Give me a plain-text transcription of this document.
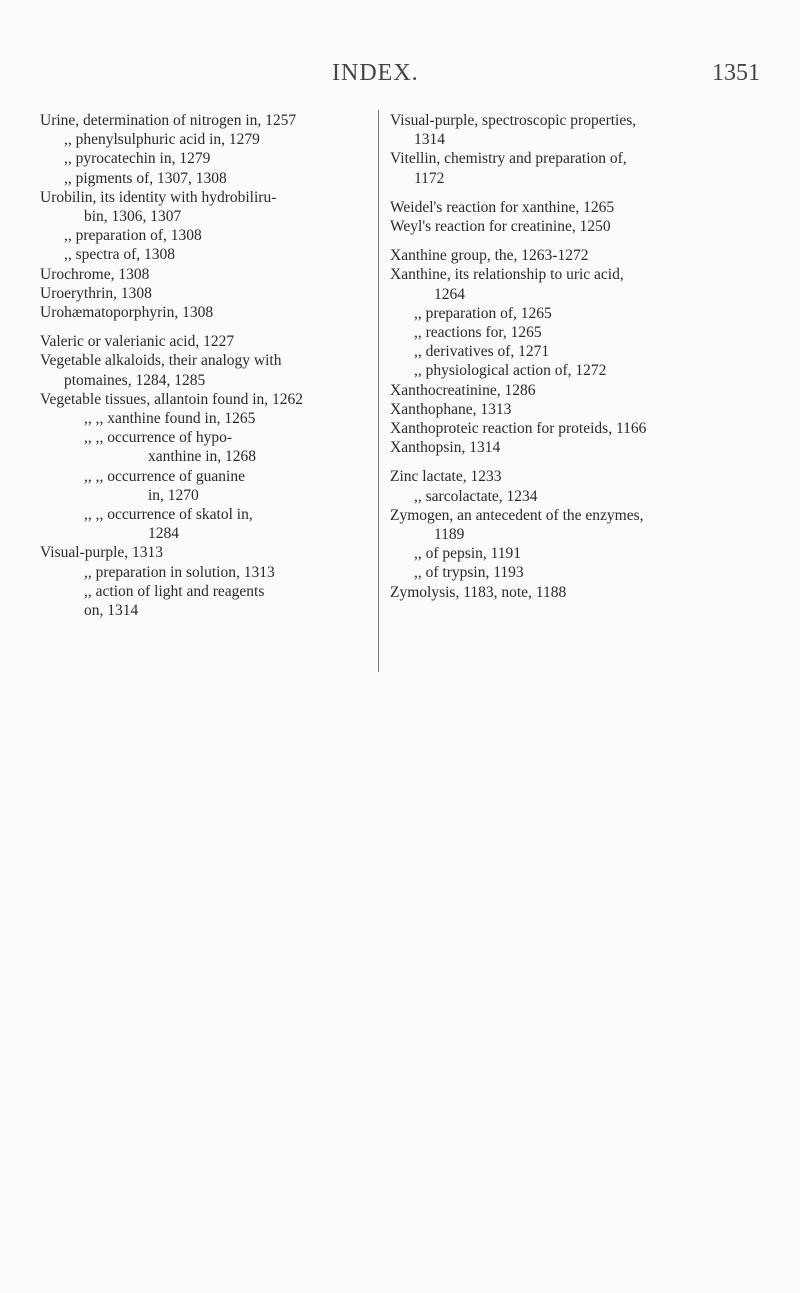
INDEX.	1351
Urine, determination of nitrogen in, 1257
,, phenylsulphuric acid in, 1279
,, pyrocatechin in, 1279
,, pigments of, 1307, 1308
Urobilin, its identity with hydrobiliru-
bin, 1306, 1307
,, preparation of, 1308
,, spectra of, 1308
Urochrome, 1308
Uroerythrin, 1308
Urohæmatoporphyrin, 1308
Valeric or valerianic acid, 1227
Vegetable alkaloids, their analogy with
ptomaines, 1284, 1285
Vegetable tissues, allantoin found in, 1262
,, ,, xanthine found in, 1265
,, ,, occurrence of hypo-
xanthine in, 1268
,, ,, occurrence of guanine
in, 1270
,, ,, occurrence of skatol in,
1284
Visual-purple, 1313
,, preparation in solution, 1313
,, action of light and reagents
on, 1314
Visual-purple, spectroscopic properties,
1314
Vitellin, chemistry and preparation of,
1172
Weidel's reaction for xanthine, 1265
Weyl's reaction for creatinine, 1250
Xanthine group, the, 1263-1272
Xanthine, its relationship to uric acid,
1264
,, preparation of, 1265
,, reactions for, 1265
,, derivatives of, 1271
,, physiological action of, 1272
Xanthocreatinine, 1286
Xanthophane, 1313
Xanthoproteic reaction for proteids, 1166
Xanthopsin, 1314
Zinc lactate, 1233
,, sarcolactate, 1234
Zymogen, an antecedent of the enzymes,
1189
,, of pepsin, 1191
,, of trypsin, 1193
Zymolysis, 1183, note, 1188
